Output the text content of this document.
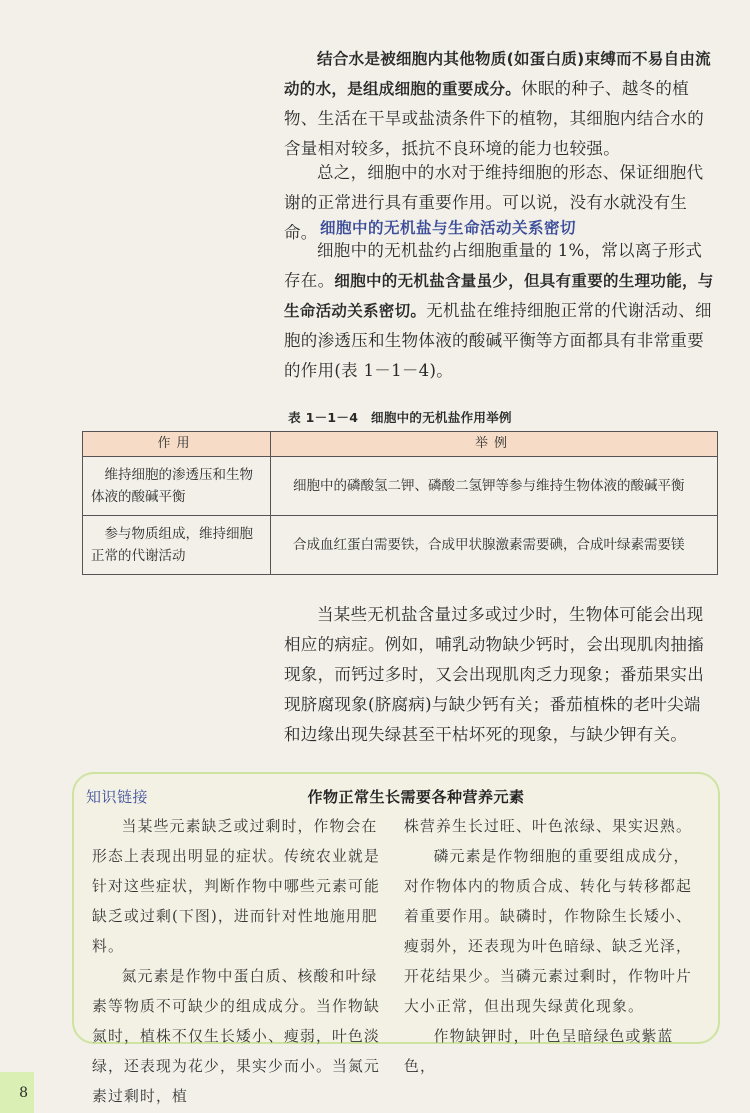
结合水是被细胞内其他物质(如蛋白质)束缚而不易自由流动的水，是组成细胞的重要成分。休眠的种子、越冬的植物、生活在干旱或盐渍条件下的植物，其细胞内结合水的含量相对较多，抵抗不良环境的能力也较强。

总之，细胞中的水对于维持细胞的形态、保证细胞代谢的正常进行具有重要作用。可以说，没有水就没有生命。 细胞中的无机盐与生命活动关系密切

细胞中的无机盐约占细胞重量的 1%，常以离子形式存在。细胞中的无机盐含量虽少，但具有重要的生理功能，与生命活动关系密切。无机盐在维持细胞正常的代谢活动、细胞的渗透压和生物体液的酸碱平衡等方面都具有非常重要的作用(表 1－1－4)。

表 1－1－4　细胞中的无机盐作用举例
作用	举例
维持细胞的渗透压和生物体液的酸碱平衡	细胞中的磷酸氢二钾、磷酸二氢钾等参与维持生物体液的酸碱平衡
参与物质组成，维持细胞正常的代谢活动	合成血红蛋白需要铁，合成甲状腺激素需要碘，合成叶绿素需要镁

当某些无机盐含量过多或过少时，生物体可能会出现相应的病症。例如，哺乳动物缺少钙时，会出现肌肉抽搐现象，而钙过多时，又会出现肌肉乏力现象；番茄果实出现脐腐现象(脐腐病)与缺少钙有关；番茄植株的老叶尖端和边缘出现失绿甚至干枯坏死的现象，与缺少钾有关。

作物正常生长需要各种营养元素
知识链接

当某些元素缺乏或过剩时，作物会在形态上表现出明显的症状。传统农业就是针对这些症状，判断作物中哪些元素可能缺乏或过剩(下图)，进而针对性地施用肥料。

氮元素是作物中蛋白质、核酸和叶绿素等物质不可缺少的组成成分。当作物缺氮时，植株不仅生长矮小、瘦弱，叶色淡绿，还表现为花少，果实少而小。当氮元素过剩时，植

株营养生长过旺、叶色浓绿、果实迟熟。

磷元素是作物细胞的重要组成成分，对作物体内的物质合成、转化与转移都起着重要作用。缺磷时，作物除生长矮小、瘦弱外，还表现为叶色暗绿、缺乏光泽，开花结果少。当磷元素过剩时，作物叶片大小正常，但出现失绿黄化现象。

作物缺钾时，叶色呈暗绿色或紫蓝色，

8
